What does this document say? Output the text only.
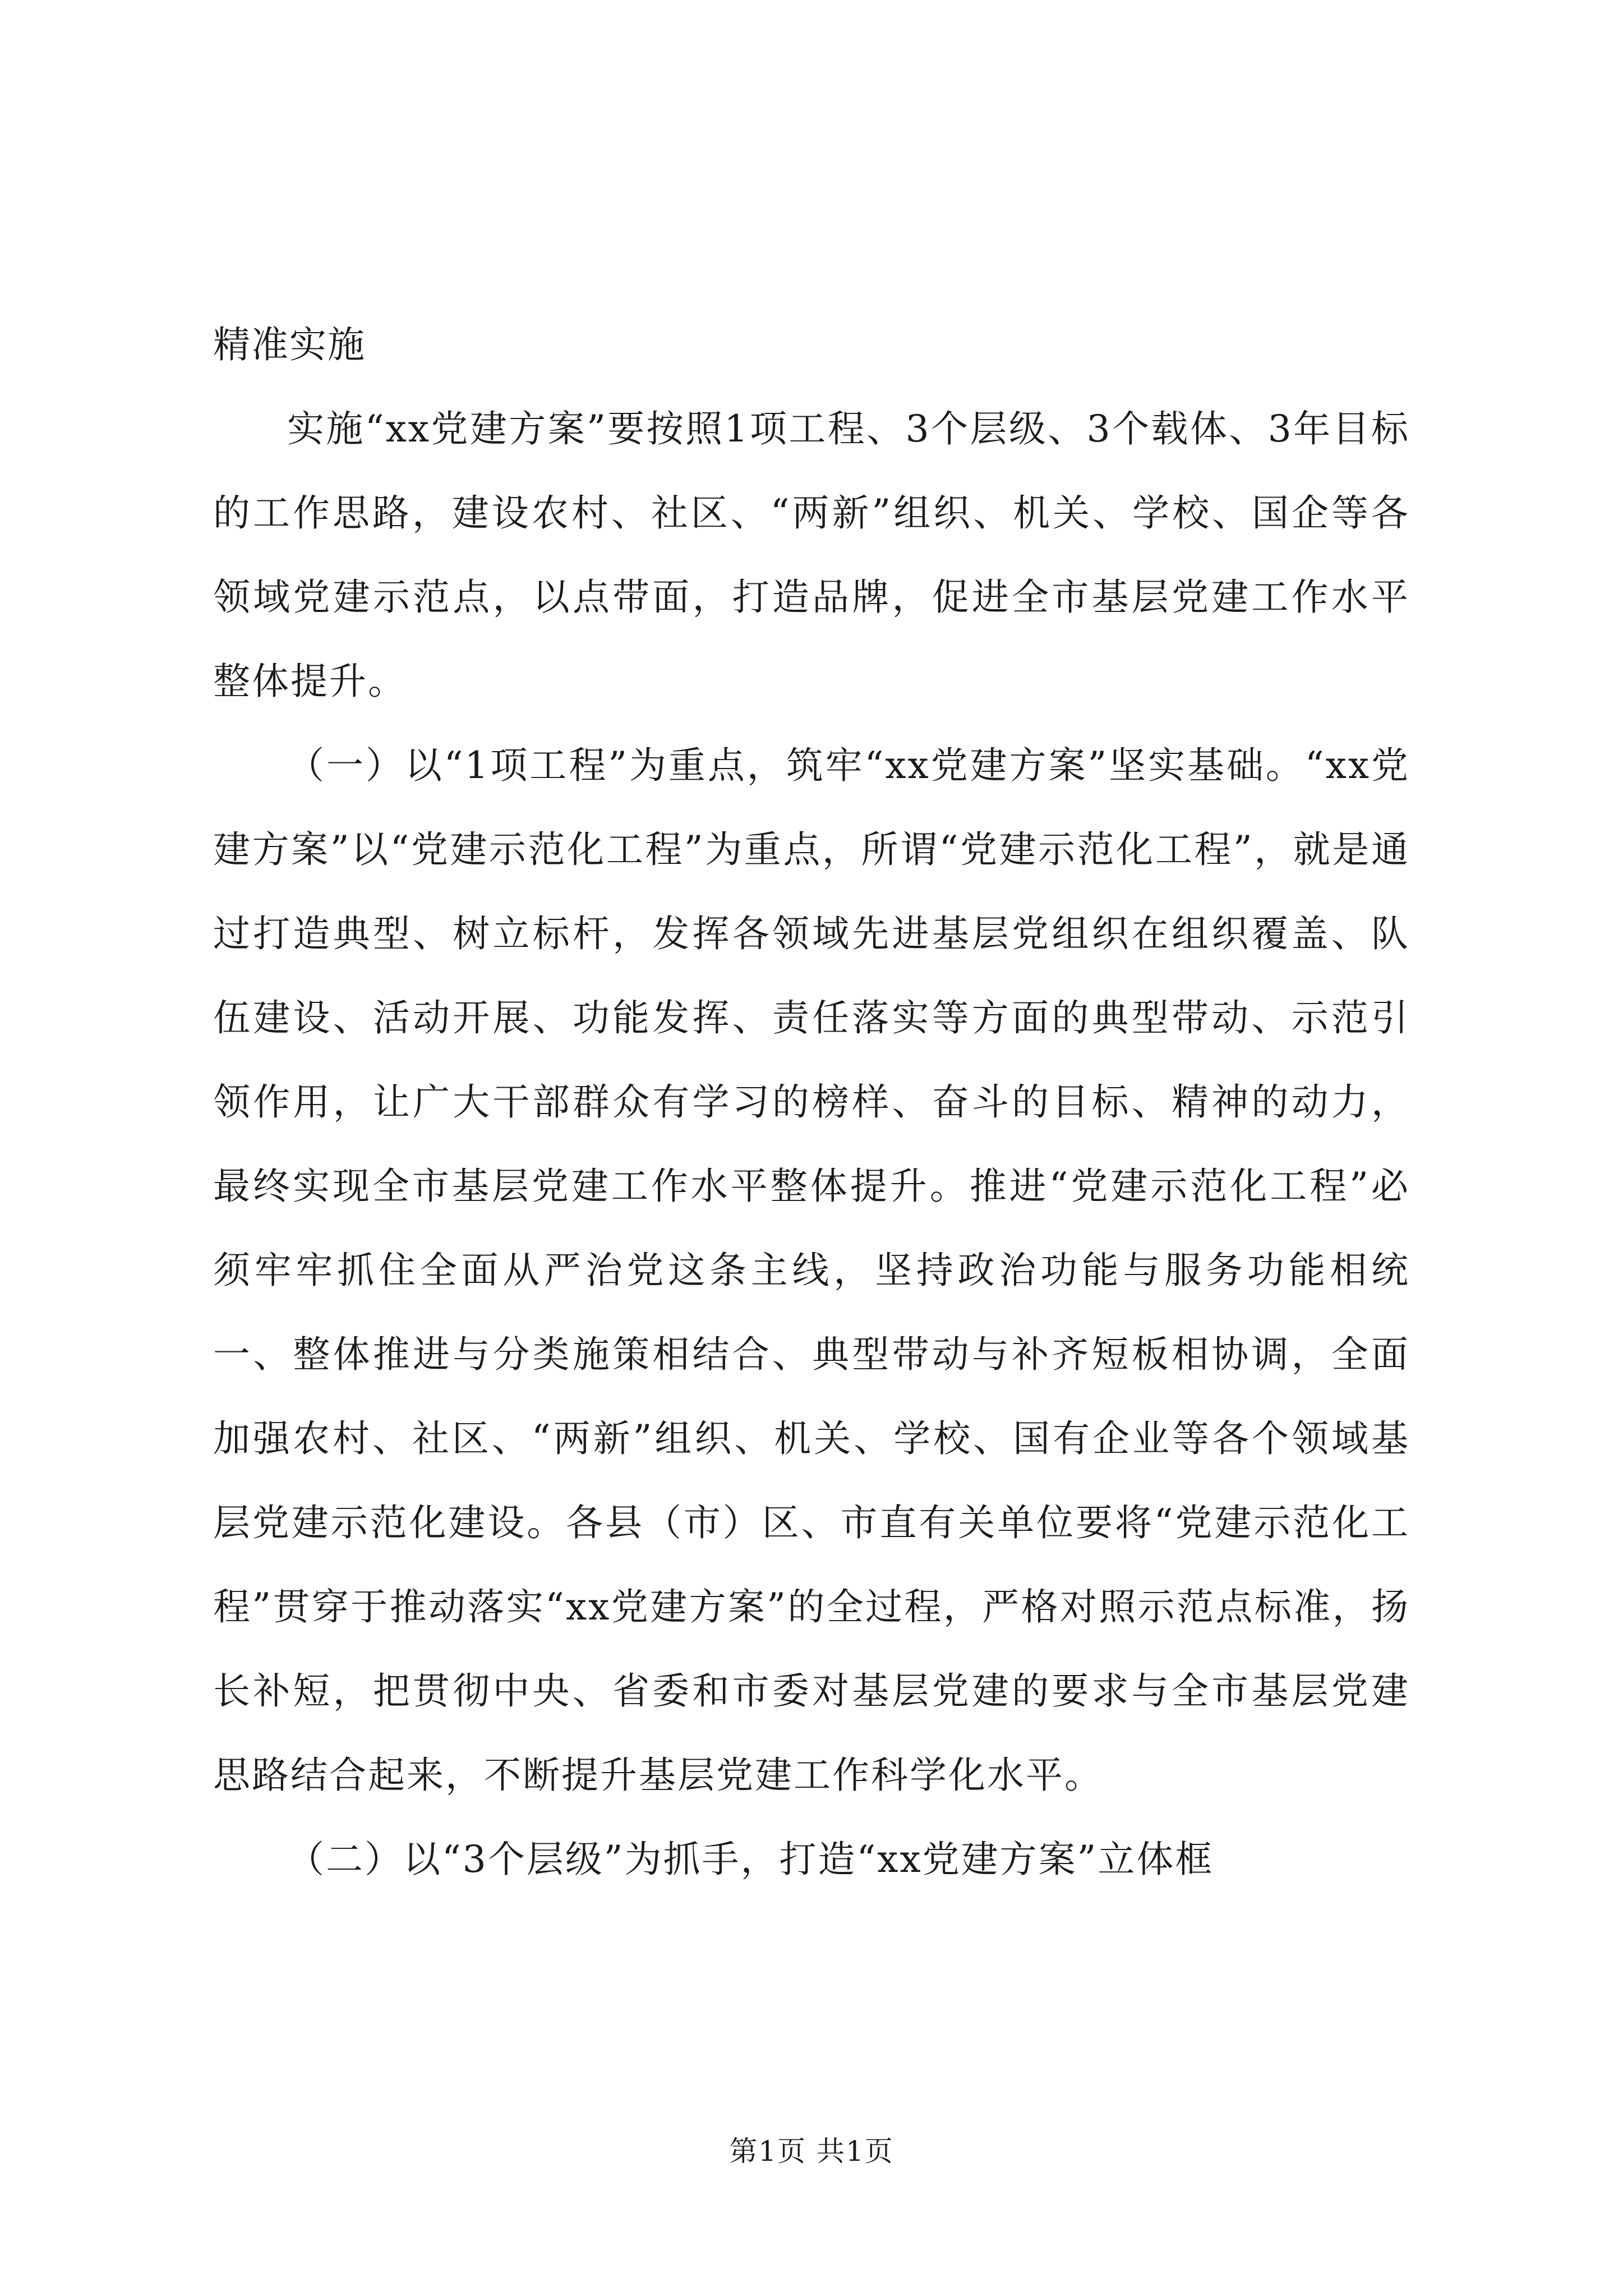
精准实施

实施“xx党建方案”要按照1项工程、3个层级、3个载体、3年目标的工作思路，建设农村、社区、“两新”组织、机关、学校、国企等各领域党建示范点，以点带面，打造品牌，促进全市基层党建工作水平整体提升。

（一）以“1项工程”为重点，筑牢“xx党建方案”坚实基础。“xx党建方案”以“党建示范化工程”为重点，所谓“党建示范化工程”，就是通过打造典型、树立标杆，发挥各领域先进基层党组织在组织覆盖、队伍建设、活动开展、功能发挥、责任落实等方面的典型带动、示范引领作用，让广大干部群众有学习的榜样、奋斗的目标、精神的动力，最终实现全市基层党建工作水平整体提升。推进“党建示范化工程”必须牢牢抓住全面从严治党这条主线，坚持政治功能与服务功能相统一、整体推进与分类施策相结合、典型带动与补齐短板相协调，全面加强农村、社区、“两新”组织、机关、学校、国有企业等各个领域基层党建示范化建设。各县（市）区、市直有关单位要将“党建示范化工程”贯穿于推动落实“xx党建方案”的全过程，严格对照示范点标准，扬长补短，把贯彻中央、省委和市委对基层党建的要求与全市基层党建思路结合起来，不断提升基层党建工作科学化水平。

（二）以“3个层级”为抓手，打造“xx党建方案”立体框

第1页 共1页
